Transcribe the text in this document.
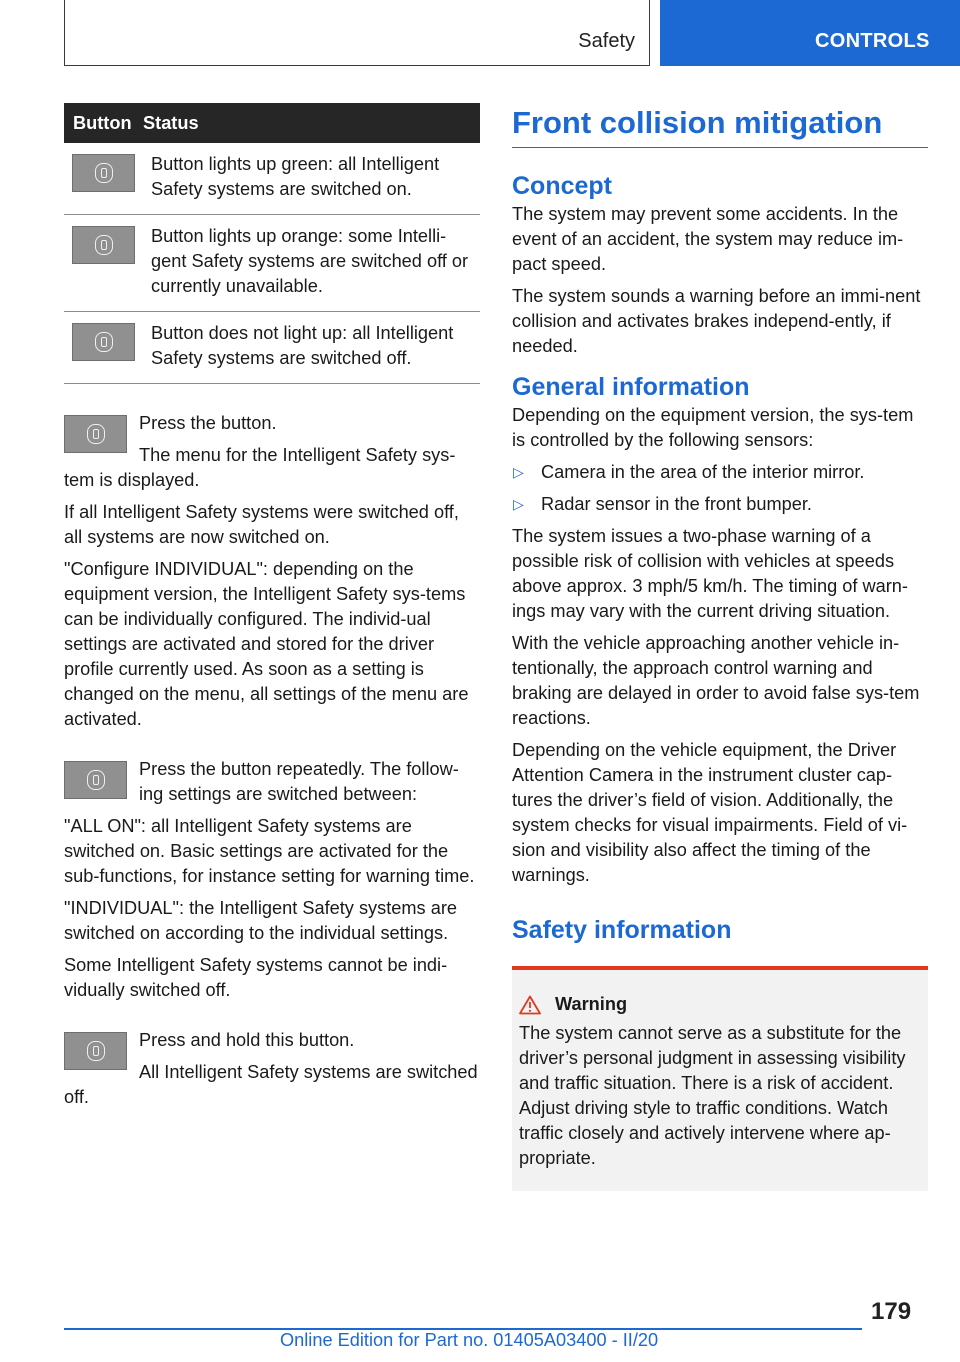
Safety	CONTROLS
Button	Status

	Button lights up green: all Intelligent Safety systems are switched on.

	Button lights up orange: some Intelli-gent Safety systems are switched off or currently unavailable.

	Button does not light up: all Intelligent Safety systems are switched off.

Press the button.

The menu for the Intelligent Safety sys-tem is displayed.

If all Intelligent Safety systems were switched off, all systems are now switched on.

"Configure INDIVIDUAL": depending on the equipment version, the Intelligent Safety sys-tems can be individually configured. The individ-ual settings are activated and stored for the driver profile currently used. As soon as a setting is changed on the menu, all settings of the menu are activated.

Press the button repeatedly. The follow-ing settings are switched between:

"ALL ON": all Intelligent Safety systems are switched on. Basic settings are activated for the sub-functions, for instance setting for warning time.

"INDIVIDUAL": the Intelligent Safety systems are switched on according to the individual settings.

Some Intelligent Safety systems cannot be indi-vidually switched off.

Press and hold this button.

All Intelligent Safety systems are switched off.

Front collision mitigation
Concept

The system may prevent some accidents. In the event of an accident, the system may reduce im-pact speed.

The system sounds a warning before an immi-nent collision and activates brakes independ-ently, if needed.

General information

Depending on the equipment version, the sys-tem is controlled by the following sensors:

▷ Camera in the area of the interior mirror.
▷ Radar sensor in the front bumper.

The system issues a two-phase warning of a possible risk of collision with vehicles at speeds above approx. 3 mph/5 km/h. The timing of warn-ings may vary with the current driving situation.

With the vehicle approaching another vehicle in-tentionally, the approach control warning and braking are delayed in order to avoid false sys-tem reactions.

Depending on the vehicle equipment, the Driver Attention Camera in the instrument cluster cap-tures the driver’s field of vision. Additionally, the system checks for visual impairments. Field of vi-sion and visibility also affect the timing of the warnings.

Safety information
Warning

The system cannot serve as a substitute for the driver’s personal judgment in assessing visibility and traffic situation. There is a risk of accident. Adjust driving style to traffic conditions. Watch traffic closely and actively intervene where ap-propriate.

179
Online Edition for Part no. 01405A03400 - II/20
